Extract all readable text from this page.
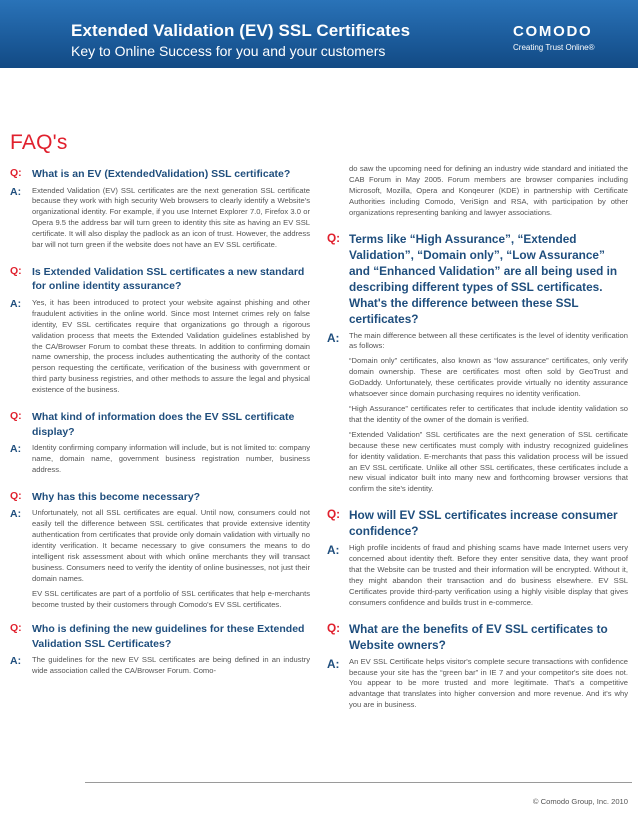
Extended Validation (EV) SSL Certificates

Key to Online Success for you and your customers

COMODO
Creating Trust Online®
FAQ's
Q: What is an EV (ExtendedValidation) SSL certificate?

A: Extended Validation (EV) SSL certificates are the next generation SSL certificate because they work with high security Web browsers to clearly identify a Website's organizational identity. For example, if you use Internet Explorer 7.0, Firefox 3.0 or Opera 9.5 the address bar will turn green to identity this site as having an EV SSL certificate. It will also display the padlock as an icon of trust. However, the address bar will not turn green if the website does not have an EV SSL certificate.

Q: Is Extended Validation SSL certificates a new standard for online identity assurance?

A: Yes, it has been introduced to protect your website against phishing and other fraudulent activities in the online world. Since most Internet crimes rely on false identity, EV SSL certificates require that organizations go through a rigorous validation process that meets the Extended Validation guidelines established by the CA/Browser Forum to combat these threats. In addition to confirming domain name ownership, the process includes authenticating the authority of the contact person requesting the certificate, verification of the business with government or third party business registries, and other methods to assure the legal and physical existence of the business.

Q: What kind of information does the EV SSL certificate display?

A: Identity confirming company information will include, but is not limited to: company name, domain name, government business registration number, business address.

Q: Why has this become necessary?

A: Unfortunately, not all SSL certificates are equal. Until now, consumers could not easily tell the difference between SSL certificates that provide extensive identity authentication from certificates that provide only domain validation with virtually no identity verification. It became necessary to give consumers the means to do intelligent risk assessment about with which online merchants they will transact business. Consumers need to verify the identity of online businesses, not just their domain names.

EV SSL certificates are part of a portfolio of SSL certificates that help e-merchants become trusted by their customers through Comodo's EV SSL certificates.

Q: Who is defining the new guidelines for these Extended Validation SSL Certificates?

A: The guidelines for the new EV SSL certificates are being defined in an industry wide association called the CA/Browser Forum. Como-

do saw the upcoming need for defining an industry wide standard and initiated the CAB Forum in May 2005. Forum members are browser companies including Microsoft, Mozilla, Opera and Konqeurer (KDE) in partnership with Certificate Authorities including Comodo, VeriSign and RSA, with participation by other organizations representing banking and lawyer associations.

Q: Terms like “High Assurance”, “Extended Validation”, “Domain only”, “Low Assurance” and “Enhanced Validation” are all being used in describing different types of SSL certificates. What's the difference between these SSL certificates?

A: The main difference between all these certificates is the level of identity verification as follows:

“Domain only” certificates, also known as “low assurance” certificates, only verify domain ownership. These are certificates most often sold by GeoTrust and GoDaddy. Unfortunately, these certificates provide virtually no identity assurance whatsoever since domain purchasing requires no identity verification.

“High Assurance” certificates refer to certificates that include identity validation so that the identity of the owner of the domain is verified.

“Extended Validation” SSL certificates are the next generation of SSL certificate because these new certificates must comply with industry recognized guidelines for identity validation. E-merchants that pass this validation process will be issued an EV SSL certificate. Unlike all other SSL certificates, these certificates include a new visual indicator built into many new and forthcoming browser versions that confirm the site's identity.

Q: How will EV SSL certificates increase consumer confidence?

A: High profile incidents of fraud and phishing scams have made Internet users very concerned about identity theft. Before they enter sensitive data, they want proof that the Website can be trusted and their information will be encrypted. Without it, they might abandon their transaction and do business elsewhere. EV SSL Certificates provide third-party verification using a highly visible display that gives consumers confidence and builds trust in e-commerce.

Q: What are the benefits of EV SSL certificates to Website owners?

A: An EV SSL Certificate helps visitor's complete secure transactions with confidence because your site has the “green bar” in IE 7 and your competitor's site does not. You appear to be more trusted and more legitimate. That's a competitive advantage that translates into higher conversion and more revenue. And it's why you are in business.

© Comodo Group, Inc. 2010
